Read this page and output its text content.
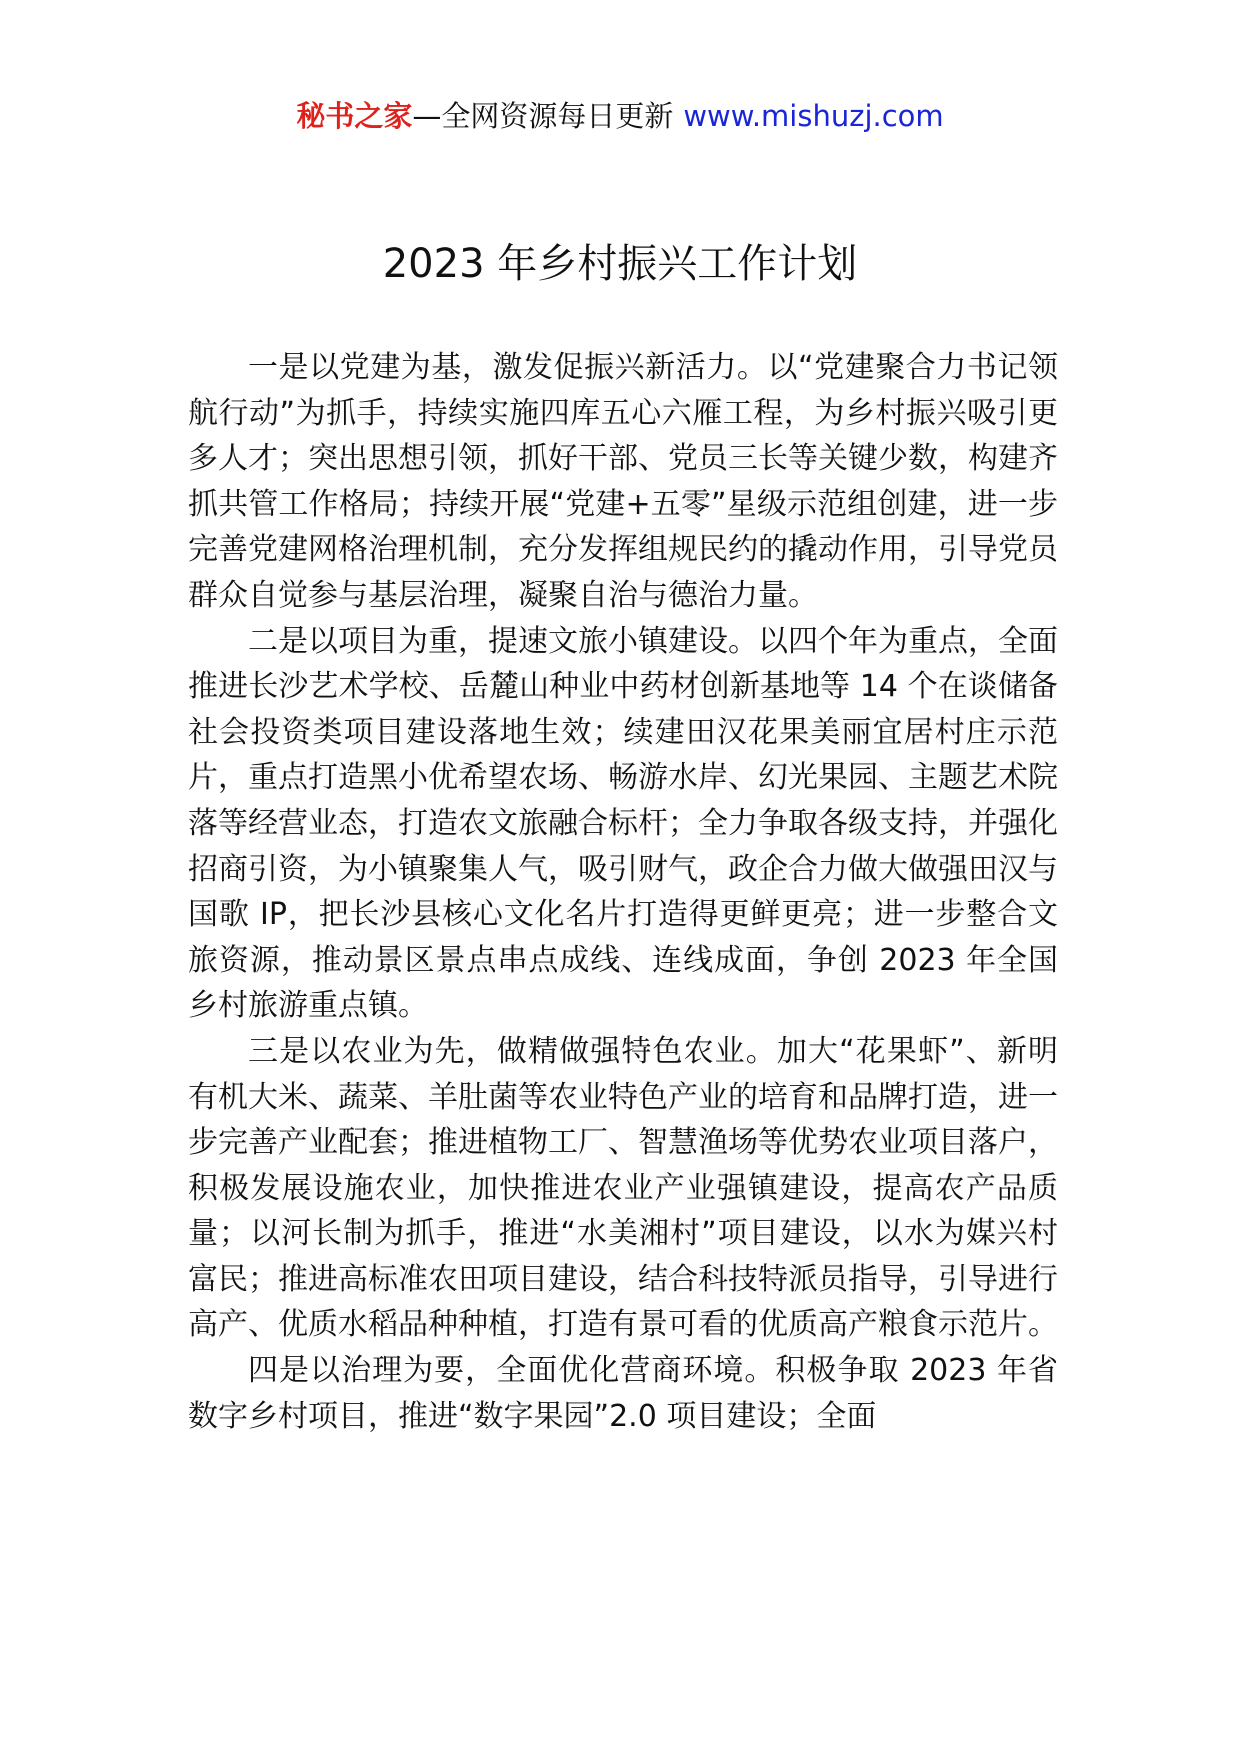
秘书之家—全网资源每日更新 www.mishuzj.com
2023 年乡村振兴工作计划

一是以党建为基，激发促振兴新活力。以“党建聚合力书记领航行动”为抓手，持续实施四库五心六雁工程，为乡村振兴吸引更多人才；突出思想引领，抓好干部、党员三长等关键少数，构建齐抓共管工作格局；持续开展“党建+五零”星级示范组创建，进一步完善党建网格治理机制，充分发挥组规民约的撬动作用，引导党员群众自觉参与基层治理，凝聚自治与德治力量。

二是以项目为重，提速文旅小镇建设。以四个年为重点，全面推进长沙艺术学校、岳麓山种业中药材创新基地等 14 个在谈储备社会投资类项目建设落地生效；续建田汉花果美丽宜居村庄示范片，重点打造黑小优希望农场、畅游水岸、幻光果园、主题艺术院落等经营业态，打造农文旅融合标杆；全力争取各级支持，并强化招商引资，为小镇聚集人气，吸引财气，政企合力做大做强田汉与国歌 IP，把长沙县核心文化名片打造得更鲜更亮；进一步整合文旅资源，推动景区景点串点成线、连线成面，争创 2023 年全国乡村旅游重点镇。

三是以农业为先，做精做强特色农业。加大“花果虾”、新明有机大米、蔬菜、羊肚菌等农业特色产业的培育和品牌打造，进一步完善产业配套；推进植物工厂、智慧渔场等优势农业项目落户，积极发展设施农业，加快推进农业产业强镇建设，提高农产品质量；以河长制为抓手，推进“水美湘村”项目建设，以水为媒兴村富民；推进高标准农田项目建设，结合科技特派员指导，引导进行高产、优质水稻品种种植，打造有景可看的优质高产粮食示范片。

四是以治理为要，全面优化营商环境。积极争取 2023 年省数字乡村项目，推进“数字果园”2.0 项目建设；全面
